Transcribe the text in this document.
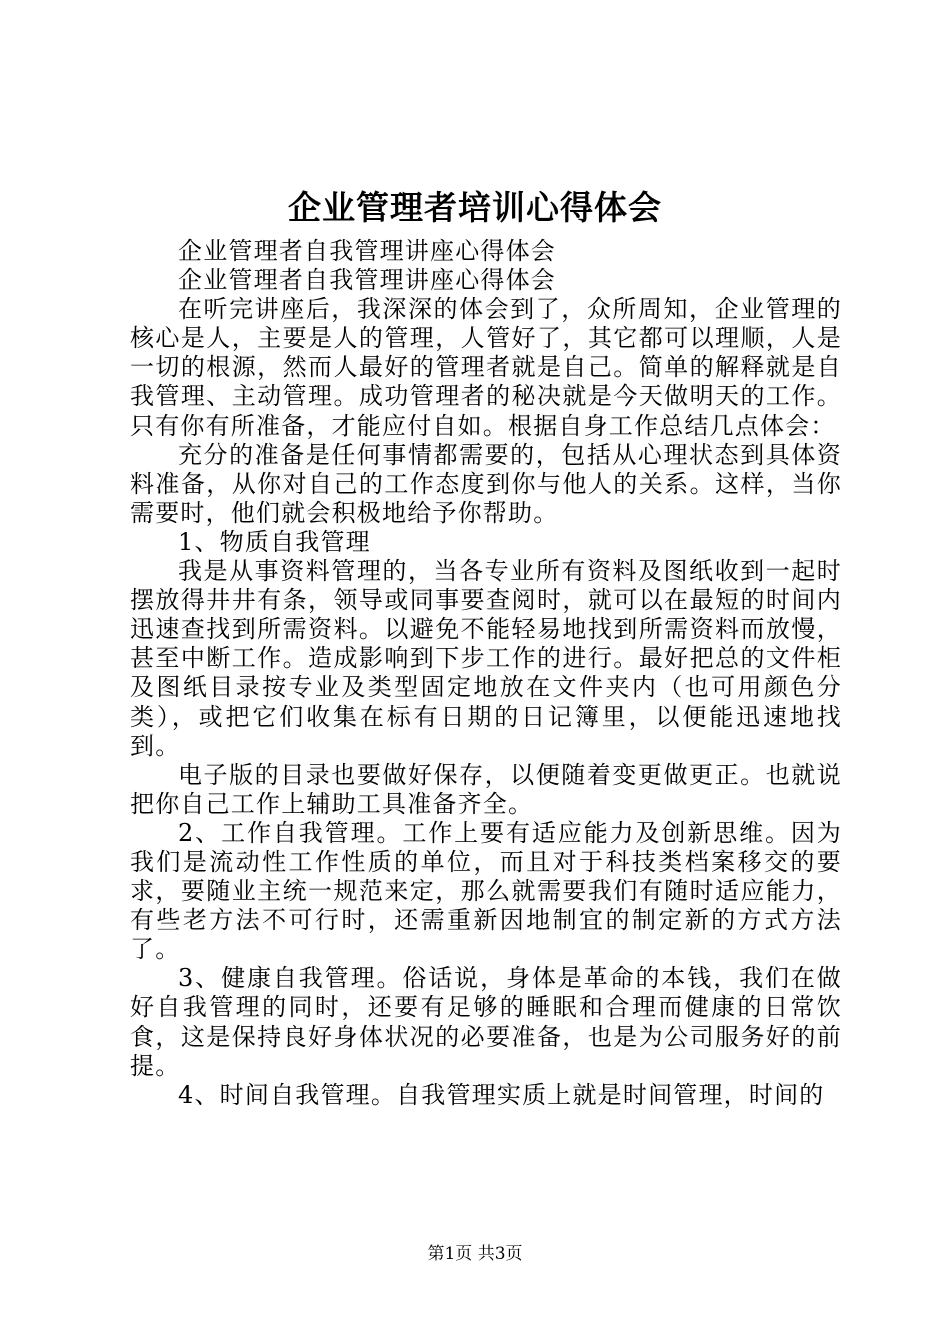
企业管理者培训心得体会

企业管理者自我管理讲座心得体会

企业管理者自我管理讲座心得体会

在听完讲座后，我深深的体会到了，众所周知，企业管理的核心是人，主要是人的管理，人管好了，其它都可以理顺，人是一切的根源，然而人最好的管理者就是自己。简单的解释就是自我管理、主动管理。成功管理者的秘决就是今天做明天的工作。只有你有所准备，才能应付自如。根据自身工作总结几点体会：

充分的准备是任何事情都需要的，包括从心理状态到具体资料准备，从你对自己的工作态度到你与他人的关系。这样，当你需要时，他们就会积极地给予你帮助。

1、物质自我管理

我是从事资料管理的，当各专业所有资料及图纸收到一起时摆放得井井有条，领导或同事要查阅时，就可以在最短的时间内迅速查找到所需资料。以避免不能轻易地找到所需资料而放慢，甚至中断工作。造成影响到下步工作的进行。最好把总的文件柜及图纸目录按专业及类型固定地放在文件夹内（也可用颜色分类），或把它们收集在标有日期的日记簿里，以便能迅速地找到。

电子版的目录也要做好保存，以便随着变更做更正。也就说把你自己工作上辅助工具准备齐全。

2、工作自我管理。工作上要有适应能力及创新思维。因为我们是流动性工作性质的单位，而且对于科技类档案移交的要求，要随业主统一规范来定，那么就需要我们有随时适应能力，有些老方法不可行时，还需重新因地制宜的制定新的方式方法了。

3、健康自我管理。俗话说，身体是革命的本钱，我们在做好自我管理的同时，还要有足够的睡眠和合理而健康的日常饮食，这是保持良好身体状况的必要准备，也是为公司服务好的前提。

4、时间自我管理。自我管理实质上就是时间管理，时间的

第1页 共3页
